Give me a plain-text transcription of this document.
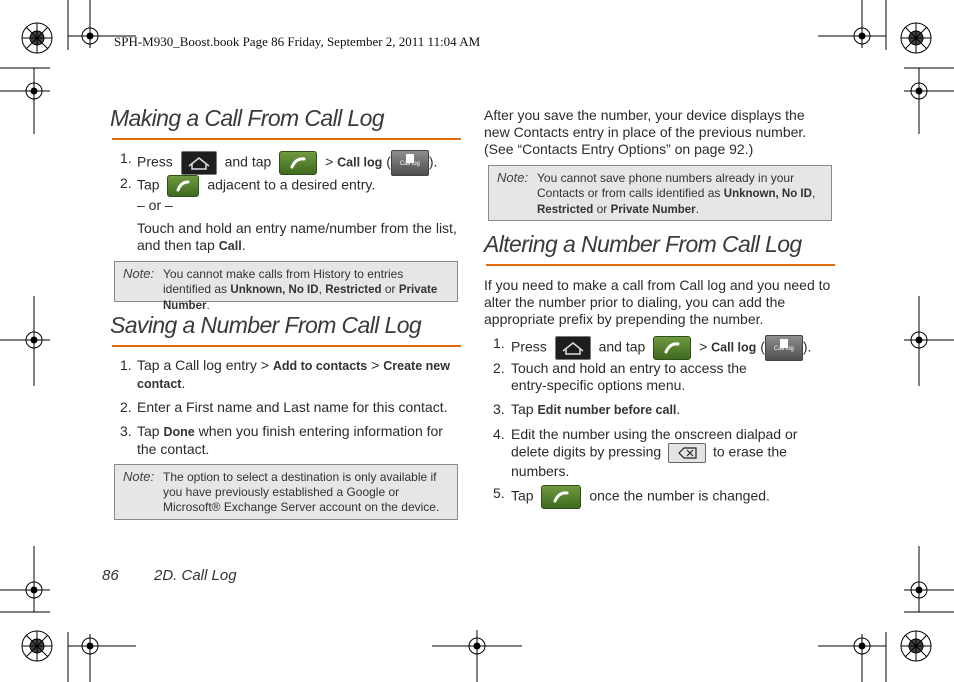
SPH-M930_Boost.book Page 86 Friday, September 2, 2011 11:04 AM
Making a Call From Call Log
1. Press	and tap	> Call log (	Call log ).
2. Tap	adjacent to a desired entry.
– or –
Touch and hold an entry name/number from the list, and then tap Call.
Note: You cannot make calls from History to entries identified as Unknown, No ID, Restricted or Private Number.
Saving a Number From Call Log
1. Tap a Call log entry > Add to contacts > Create new contact.
2. Enter a First name and Last name for this contact.
3. Tap Done when you finish entering information for the contact.
Note: The option to select a destination is only available if you have previously established a Google or Microsoft® Exchange Server account on the device.
After you save the number, your device displays the new Contacts entry in place of the previous number. (See “Contacts Entry Options” on page 92.)
Note: You cannot save phone numbers already in your Contacts or from calls identified as Unknown, No ID, Restricted or Private Number.
Altering a Number From Call Log
If you need to make a call from Call log and you need to alter the number prior to dialing, you can add the appropriate prefix by prepending the number.
1. Press	and tap	> Call log (	Call log ).
2. Touch and hold an entry to access the entry-specific options menu.
3. Tap Edit number before call.
4. Edit the number using the onscreen dialpad or delete digits by pressing	to erase the numbers.
5. Tap	once the number is changed.
86 2D. Call Log
